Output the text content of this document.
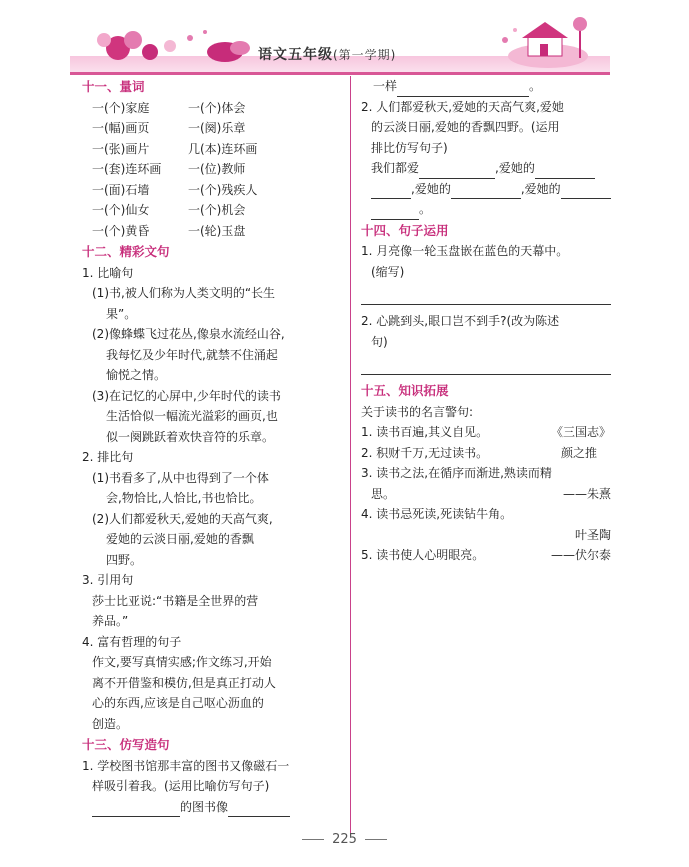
语文五年级(第一学期)
十一、量词
一(个)家庭	一(个)体会
一(幅)画页	一(阕)乐章
一(张)画片	几(本)连环画
一(套)连环画	一(位)教师
一(面)石墙	一(个)残疾人
一(个)仙女	一(个)机会
一(个)黄昏	一(轮)玉盘
十二、精彩文句
1. 比喻句
(1)书,被人们称为人类文明的“长生
果”。
(2)像蜂蝶飞过花丛,像泉水流经山谷,
我每忆及少年时代,就禁不住涌起
愉悦之情。
(3)在记忆的心屏中,少年时代的读书
生活恰似一幅流光溢彩的画页,也
似一阕跳跃着欢快音符的乐章。
2. 排比句
(1)书看多了,从中也得到了一个体
会,物恰比,人恰比,书也恰比。
(2)人们都爱秋天,爱她的天高气爽,
爱她的云淡日丽,爱她的香飘
四野。
3. 引用句
莎士比亚说:“书籍是全世界的营
养品。”
4. 富有哲理的句子
作文,要写真情实感;作文练习,开始
离不开借鉴和模仿,但是真正打动人
心的东西,应该是自己呕心沥血的
创造。
十三、仿写造句
1. 学校图书馆那丰富的图书又像磁石一
样吸引着我。(运用比喻仿写句子)
的图书像
一样	。
2. 人们都爱秋天,爱她的天高气爽,爱她
的云淡日丽,爱她的香飘四野。(运用
排比仿写句子)
我们都爱	,爱她的
,爱她的	,爱她的
。
十四、句子运用
1. 月亮像一轮玉盘嵌在蓝色的天幕中。
(缩写)
2. 心跳到头,眼口岂不到手?(改为陈述
句)
十五、知识拓展
关于读书的名言警句:
1. 读书百遍,其义自见。	《三国志》
2. 积财千万,无过读书。	颜之推
3. 读书之法,在循序而渐进,熟读而精
思。	——朱熹
4. 读书忌死读,死读钻牛角。
叶圣陶
5. 读书使人心明眼亮。	——伏尔泰
225
